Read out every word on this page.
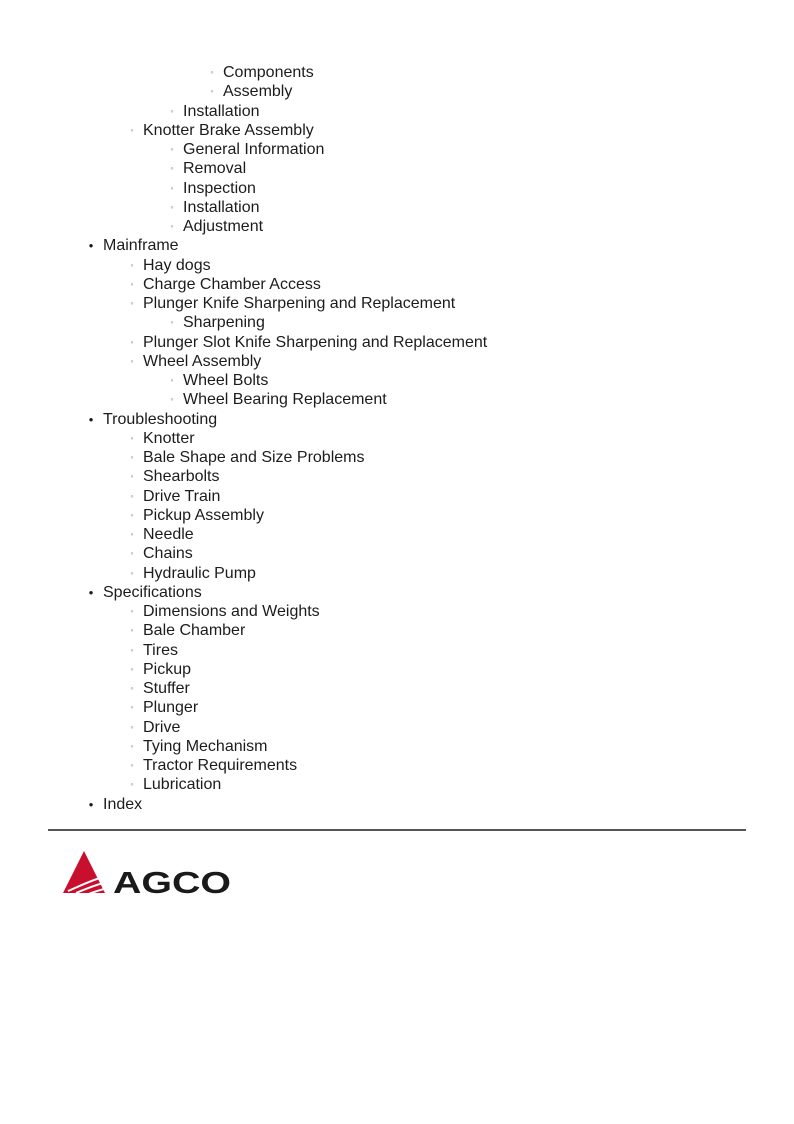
◦ Components
◦ Assembly
◦ Installation
◦ Knotter Brake Assembly
◦ General Information
◦ Removal
◦ Inspection
◦ Installation
◦ Adjustment
• Mainframe
◦ Hay dogs
◦ Charge Chamber Access
◦ Plunger Knife Sharpening and Replacement
◦ Sharpening
◦ Plunger Slot Knife Sharpening and Replacement
◦ Wheel Assembly
◦ Wheel Bolts
◦ Wheel Bearing Replacement
• Troubleshooting
◦ Knotter
◦ Bale Shape and Size Problems
◦ Shearbolts
◦ Drive Train
◦ Pickup Assembly
◦ Needle
◦ Chains
◦ Hydraulic Pump
• Specifications
◦ Dimensions and Weights
◦ Bale Chamber
◦ Tires
◦ Pickup
◦ Stuffer
◦ Plunger
◦ Drive
◦ Tying Mechanism
◦ Tractor Requirements
◦ Lubrication
• Index
AGCO
